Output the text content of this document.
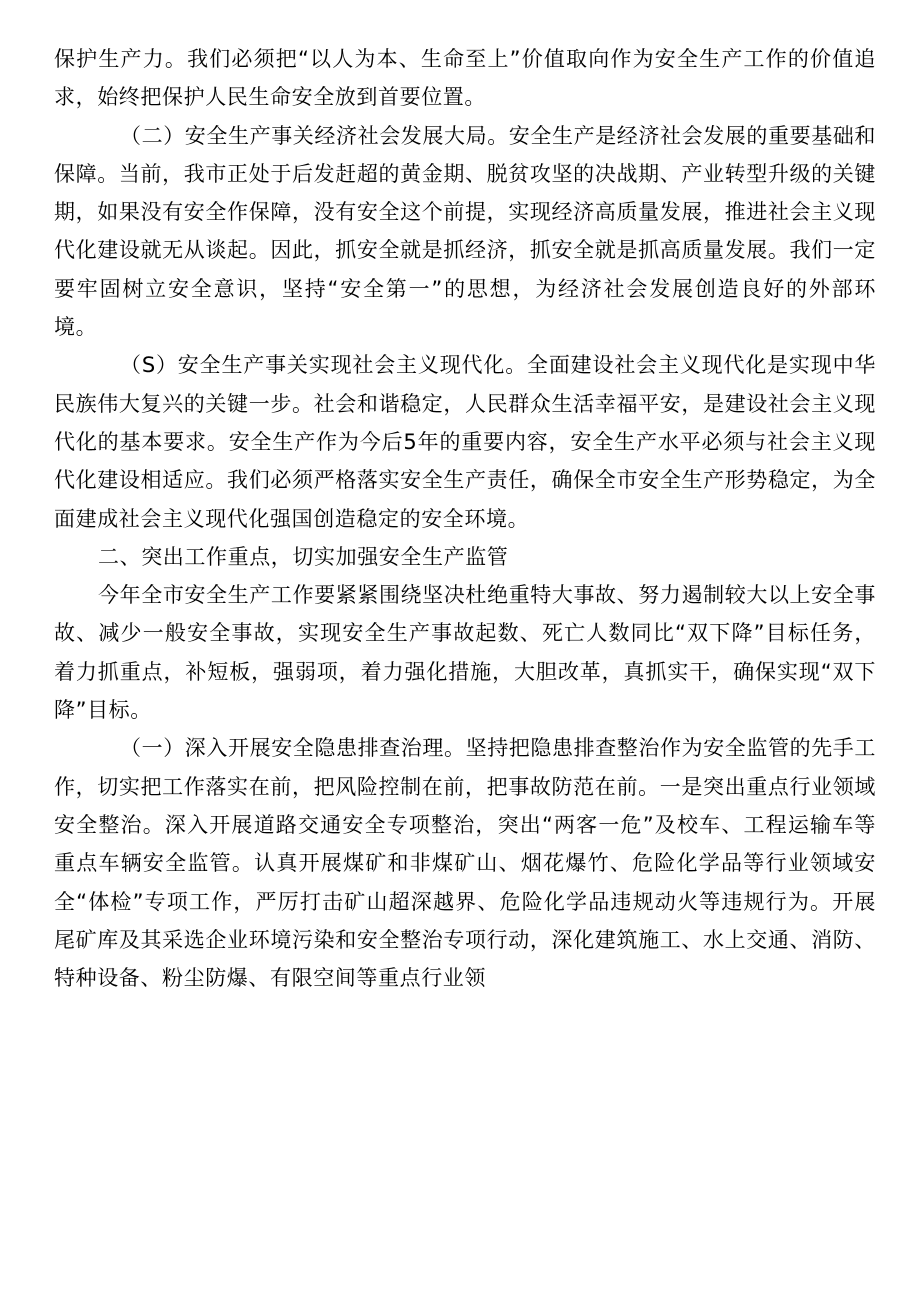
保护生产力。我们必须把“以人为本、生命至上”价值取向作为安全生产工作的价值追求，始终把保护人民生命安全放到首要位置。

（二）安全生产事关经济社会发展大局。安全生产是经济社会发展的重要基础和保障。当前，我市正处于后发赶超的黄金期、脱贫攻坚的决战期、产业转型升级的关键期，如果没有安全作保障，没有安全这个前提，实现经济高质量发展，推进社会主义现代化建设就无从谈起。因此，抓安全就是抓经济，抓安全就是抓高质量发展。我们一定要牢固树立安全意识，坚持“安全第一”的思想，为经济社会发展创造良好的外部环境。

（S）安全生产事关实现社会主义现代化。全面建设社会主义现代化是实现中华民族伟大复兴的关键一步。社会和谐稳定，人民群众生活幸福平安，是建设社会主义现代化的基本要求。安全生产作为今后5年的重要内容，安全生产水平必须与社会主义现代化建设相适应。我们必须严格落实安全生产责任，确保全市安全生产形势稳定，为全面建成社会主义现代化强国创造稳定的安全环境。

二、突出工作重点，切实加强安全生产监管

今年全市安全生产工作要紧紧围绕坚决杜绝重特大事故、努力遏制较大以上安全事故、减少一般安全事故，实现安全生产事故起数、死亡人数同比“双下降”目标任务，着力抓重点，补短板，强弱项，着力强化措施，大胆改革，真抓实干，确保实现“双下降”目标。

（一）深入开展安全隐患排查治理。坚持把隐患排查整治作为安全监管的先手工作，切实把工作落实在前，把风险控制在前，把事故防范在前。一是突出重点行业领域安全整治。深入开展道路交通安全专项整治，突出“两客一危”及校车、工程运输车等重点车辆安全监管。认真开展煤矿和非煤矿山、烟花爆竹、危险化学品等行业领域安全“体检”专项工作，严厉打击矿山超深越界、危险化学品违规动火等违规行为。开展尾矿库及其采选企业环境污染和安全整治专项行动，深化建筑施工、水上交通、消防、特种设备、粉尘防爆、有限空间等重点行业领
